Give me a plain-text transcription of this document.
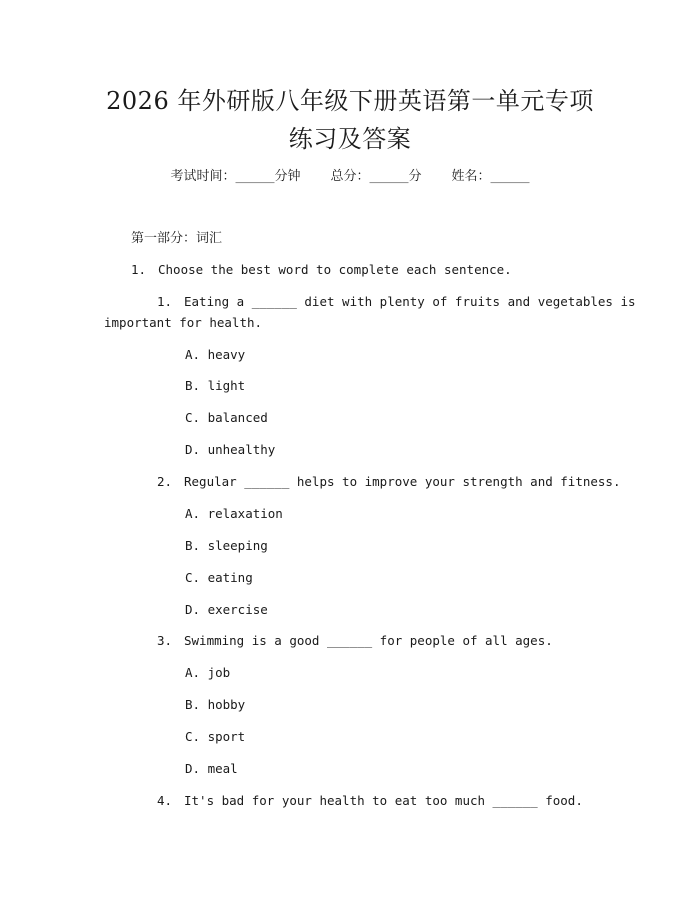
2026 年外研版八年级下册英语第一单元专项
练习及答案
考试时间：______分钟 总分：______分 姓名：______
第一部分：词汇
1. Choose the best word to complete each sentence.
1. Eating a ______ diet with plenty of fruits and vegetables is
important for health.
A. heavy
B. light
C. balanced
D. unhealthy
2. Regular ______ helps to improve your strength and fitness.
A. relaxation
B. sleeping
C. eating
D. exercise
3. Swimming is a good ______ for people of all ages.
A. job
B. hobby
C. sport
D. meal
4. It's bad for your health to eat too much ______ food.
